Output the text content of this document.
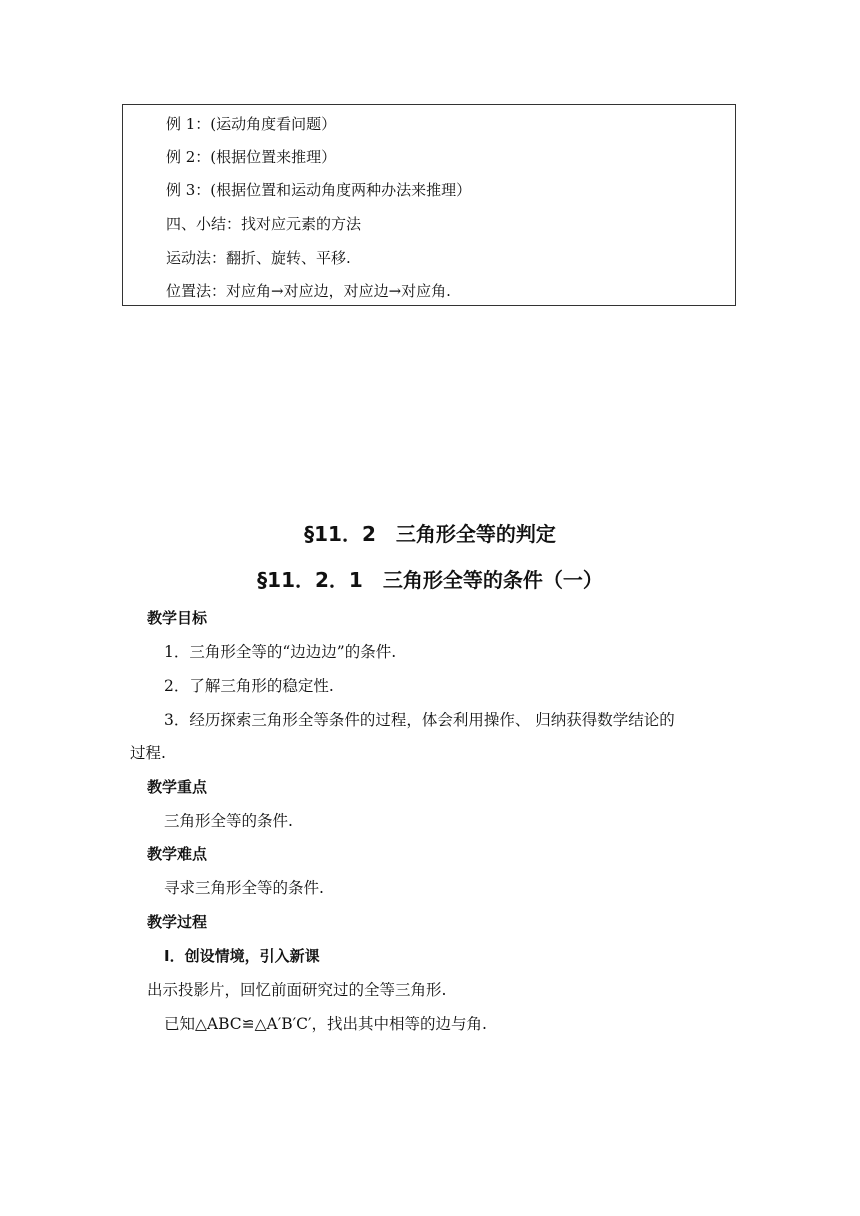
例 1：(运动角度看问题）
例 2：(根据位置来推理）
例 3：(根据位置和运动角度两种办法来推理）
四、小结：找对应元素的方法
运动法：翻折、旋转、平移.
位置法：对应角→对应边，对应边→对应角.
§11．2　三角形全等的判定
§11．2．1　三角形全等的条件（一）
教学目标
1．三角形全等的“边边边”的条件.
2．了解三角形的稳定性.
3．经历探索三角形全等条件的过程，体会利用操作、 归纳获得数学结论的
过程.
教学重点
三角形全等的条件.
教学难点
寻求三角形全等的条件.
教学过程
Ⅰ．创设情境，引入新课
出示投影片，回忆前面研究过的全等三角形.
已知△ABC≌△A′B′C′，找出其中相等的边与角.
